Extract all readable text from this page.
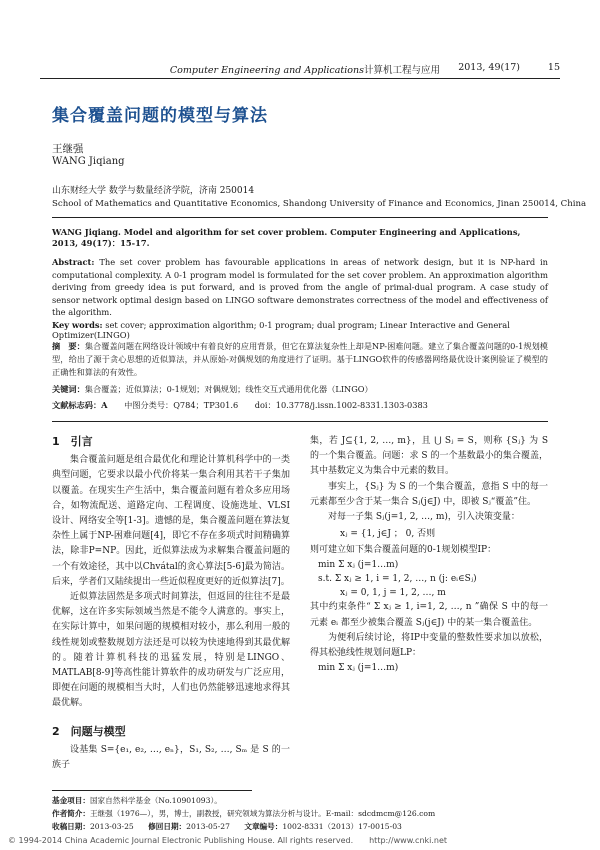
Computer Engineering and Applications计算机工程与应用 2013, 49(17)	15
集合覆盖问题的模型与算法
王继强
WANG Jiqiang
山东财经大学 数学与数量经济学院，济南 250014
School of Mathematics and Quantitative Economics, Shandong University of Finance and Economics, Jinan 250014, China
WANG Jiqiang. Model and algorithm for set cover problem. Computer Engineering and Applications, 2013, 49(17)：15-17.
Abstract: The set cover problem has favourable applications in areas of network design, but it is NP-hard in computational complexity. A 0-1 program model is formulated for the set cover problem. An approximation algorithm deriving from greedy idea is put forward, and is proved from the angle of primal-dual program. A case study of sensor network optimal design based on LINGO software demonstrates correctness of the model and effectiveness of the algorithm.
Key words: set cover; approximation algorithm; 0-1 program; dual program; Linear Interactive and General Optimizer(LINGO)
摘　要：集合覆盖问题在网络设计领域中有着良好的应用背景，但它在算法复杂性上却是NP-困难问题。建立了集合覆盖问题的0-1规划模型，给出了源于贪心思想的近似算法，并从原始-对偶规划的角度进行了证明。基于LINGO软件的传感器网络最优设计案例验证了模型的正确性和算法的有效性。
关键词：集合覆盖；近似算法；0-1规划；对偶规划；线性交互式通用优化器（LINGO）
文献标志码：A 中图分类号：Q784；TP301.6 doi：10.3778/j.issn.1002-8331.1303-0383
1　引言

集合覆盖问题是组合最优化和理论计算机科学中的一类典型问题，它要求以最小代价将某一集合利用其若干子集加以覆盖。在现实生产生活中，集合覆盖问题有着众多应用场合，如物流配送、道路定向、工程调度、设施选址、VLSI设计、网络安全等[1-3]。遗憾的是，集合覆盖问题在算法复杂性上属于NP-困难问题[4]，即它不存在多项式时间精确算法，除非P=NP。因此，近似算法成为求解集合覆盖问题的一个有效途径，其中以Chvátal的贪心算法[5-6]最为简洁。后来，学者们又陆续提出一些近似程度更好的近似算法[7]。

近似算法固然是多项式时间算法，但返回的往往不是最优解，这在许多实际领域当然是不能令人满意的。事实上，在实际计算中，如果问题的规模相对较小，那么利用一般的线性规划或整数规划方法还是可以较为快速地得到其最优解的。随着计算机科技的迅猛发展，特别是LINGO、MATLAB[8-9]等高性能计算软件的成功研发与广泛应用，即便在问题的规模相当大时，人们也仍然能够迅速地求得其最优解。

2　问题与模型

设基集 S={e₁, e₂, …, eₙ}，S₁, S₂, …, Sₘ 是 S 的一族子

集，若 J⊆{1, 2, …, m}，且 ⋃ Sⱼ = S，则称 {Sⱼ} 为 S 的一个集合覆盖。问题：求 S 的一个基数最小的集合覆盖，其中基数定义为集合中元素的数目。

事实上，{Sⱼ} 为 S 的一个集合覆盖，意指 S 中的每一元素都至少含于某一集合 Sⱼ(j∈J) 中，即被 Sⱼ“覆盖”住。

对每一子集 Sⱼ(j=1, 2, …, m)，引入决策变量：

xⱼ = {1, j∈J ； 0, 否则

则可建立如下集合覆盖问题的0-1规划模型IP：

min Σ xⱼ (j=1…m)
s.t. Σ xⱼ ≥ 1, i = 1, 2, …, n (j: eᵢ∈Sⱼ)
xⱼ = 0, 1, j = 1, 2, …, m

其中约束条件“ Σ xⱼ ≥ 1, i=1, 2, …, n ”确保 S 中的每一元素 eᵢ 都至少被集合覆盖 Sⱼ(j∈J) 中的某一集合覆盖住。

为便利后续讨论，将IP中变量的整数性要求加以放松，得其松弛线性规划问题LP：

min Σ xⱼ (j=1…m)
基金项目：国家自然科学基金（No.10901093）。
作者简介：王继强（1976—），男，博士，副教授，研究领域为算法分析与设计。E-mail：sdcdmcm@126.com
收稿日期：2013-03-25 修回日期：2013-05-27 文章编号：1002-8331（2013）17-0015-03
© 1994-2014 China Academic Journal Electronic Publishing House. All rights reserved.　　http://www.cnki.net
